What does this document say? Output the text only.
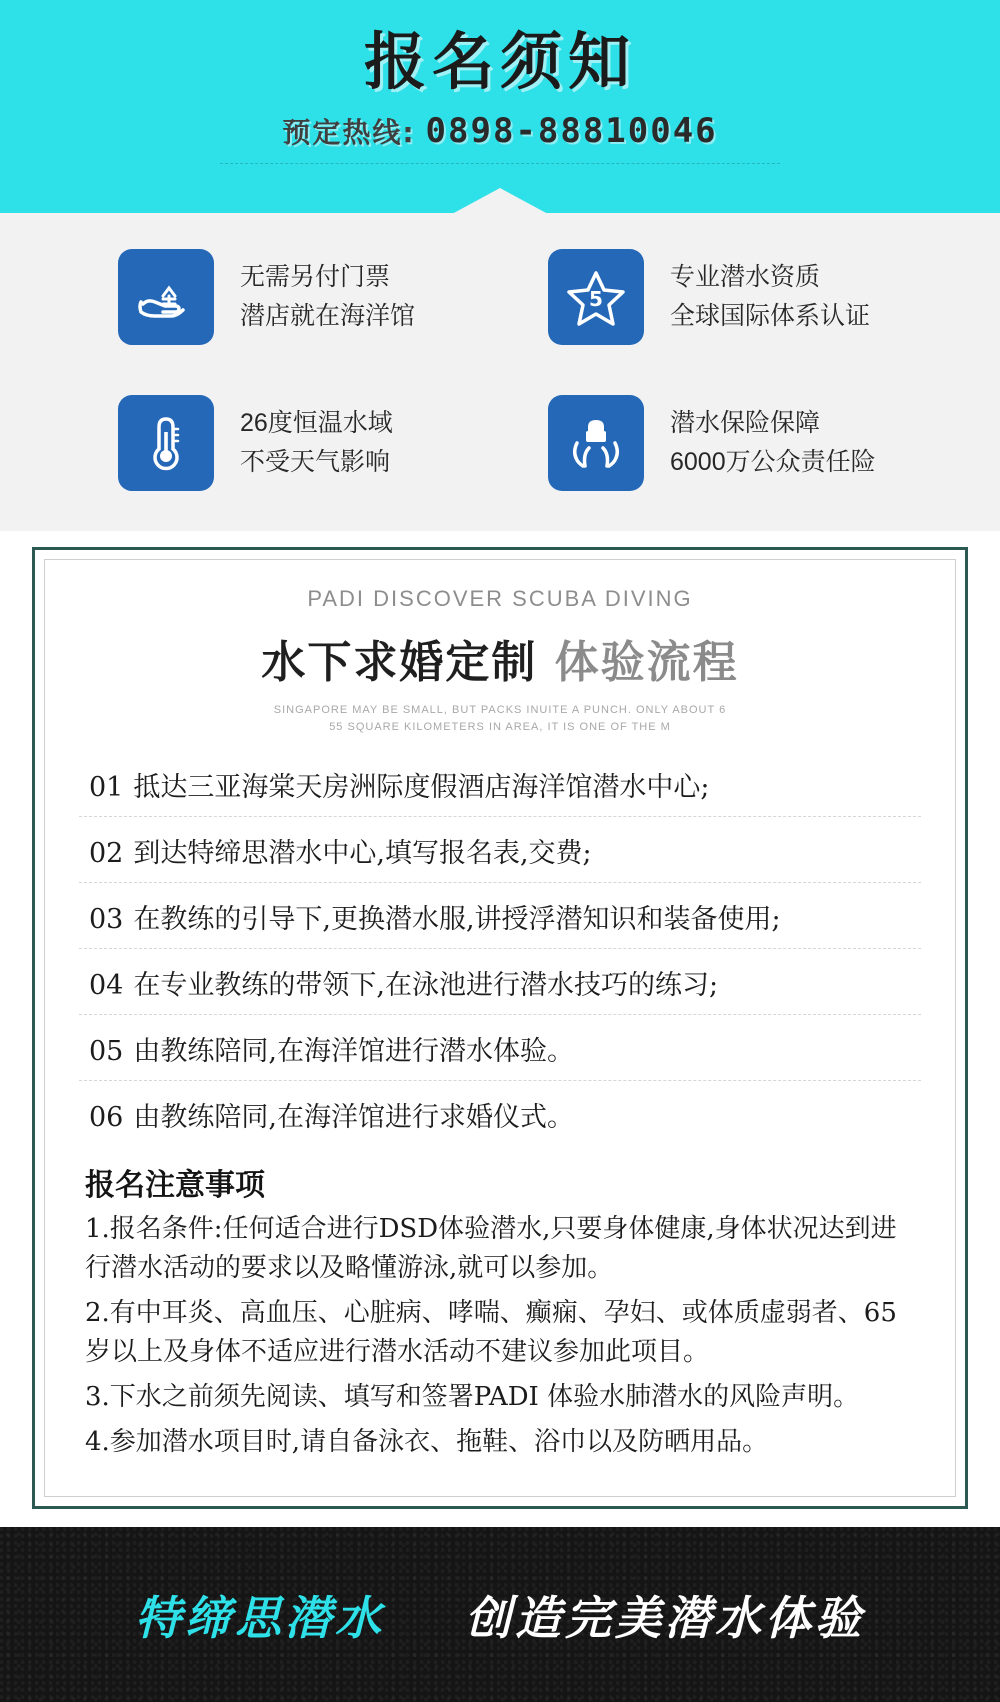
报名须知
预定热线: 0898-88810046
无需另付门票
潜店就在海洋馆
5
专业潜水资质
全球国际体系认证
26度恒温水域
不受天气影响
潜水保险保障
6000万公众责任险
PADI DISCOVER SCUBA DIVING
水下求婚定制 体验流程
SINGAPORE MAY BE SMALL, BUT PACKS INUITE A PUNCH. ONLY ABOUT 6
55 SQUARE KILOMETERS IN AREA, IT IS ONE OF THE M
01 抵达三亚海棠天房洲际度假酒店海洋馆潜水中心;
02 到达特缔思潜水中心,填写报名表,交费;
03 在教练的引导下,更换潜水服,讲授浮潜知识和装备使用;
04 在专业教练的带领下,在泳池进行潜水技巧的练习;
05 由教练陪同,在海洋馆进行潜水体验。
06 由教练陪同,在海洋馆进行求婚仪式。
报名注意事项
1.报名条件:任何适合进行DSD体验潜水,只要身体健康,身体状况达到进行潜水活动的要求以及略懂游泳,就可以参加。
2.有中耳炎、高血压、心脏病、哮喘、癫痫、孕妇、或体质虚弱者、65岁以上及身体不适应进行潜水活动不建议参加此项目。
3.下水之前须先阅读、填写和签署PADI 体验水肺潜水的风险声明。
4.参加潜水项目时,请自备泳衣、拖鞋、浴巾以及防晒用品。
特缔思潜水 创造完美潜水体验
